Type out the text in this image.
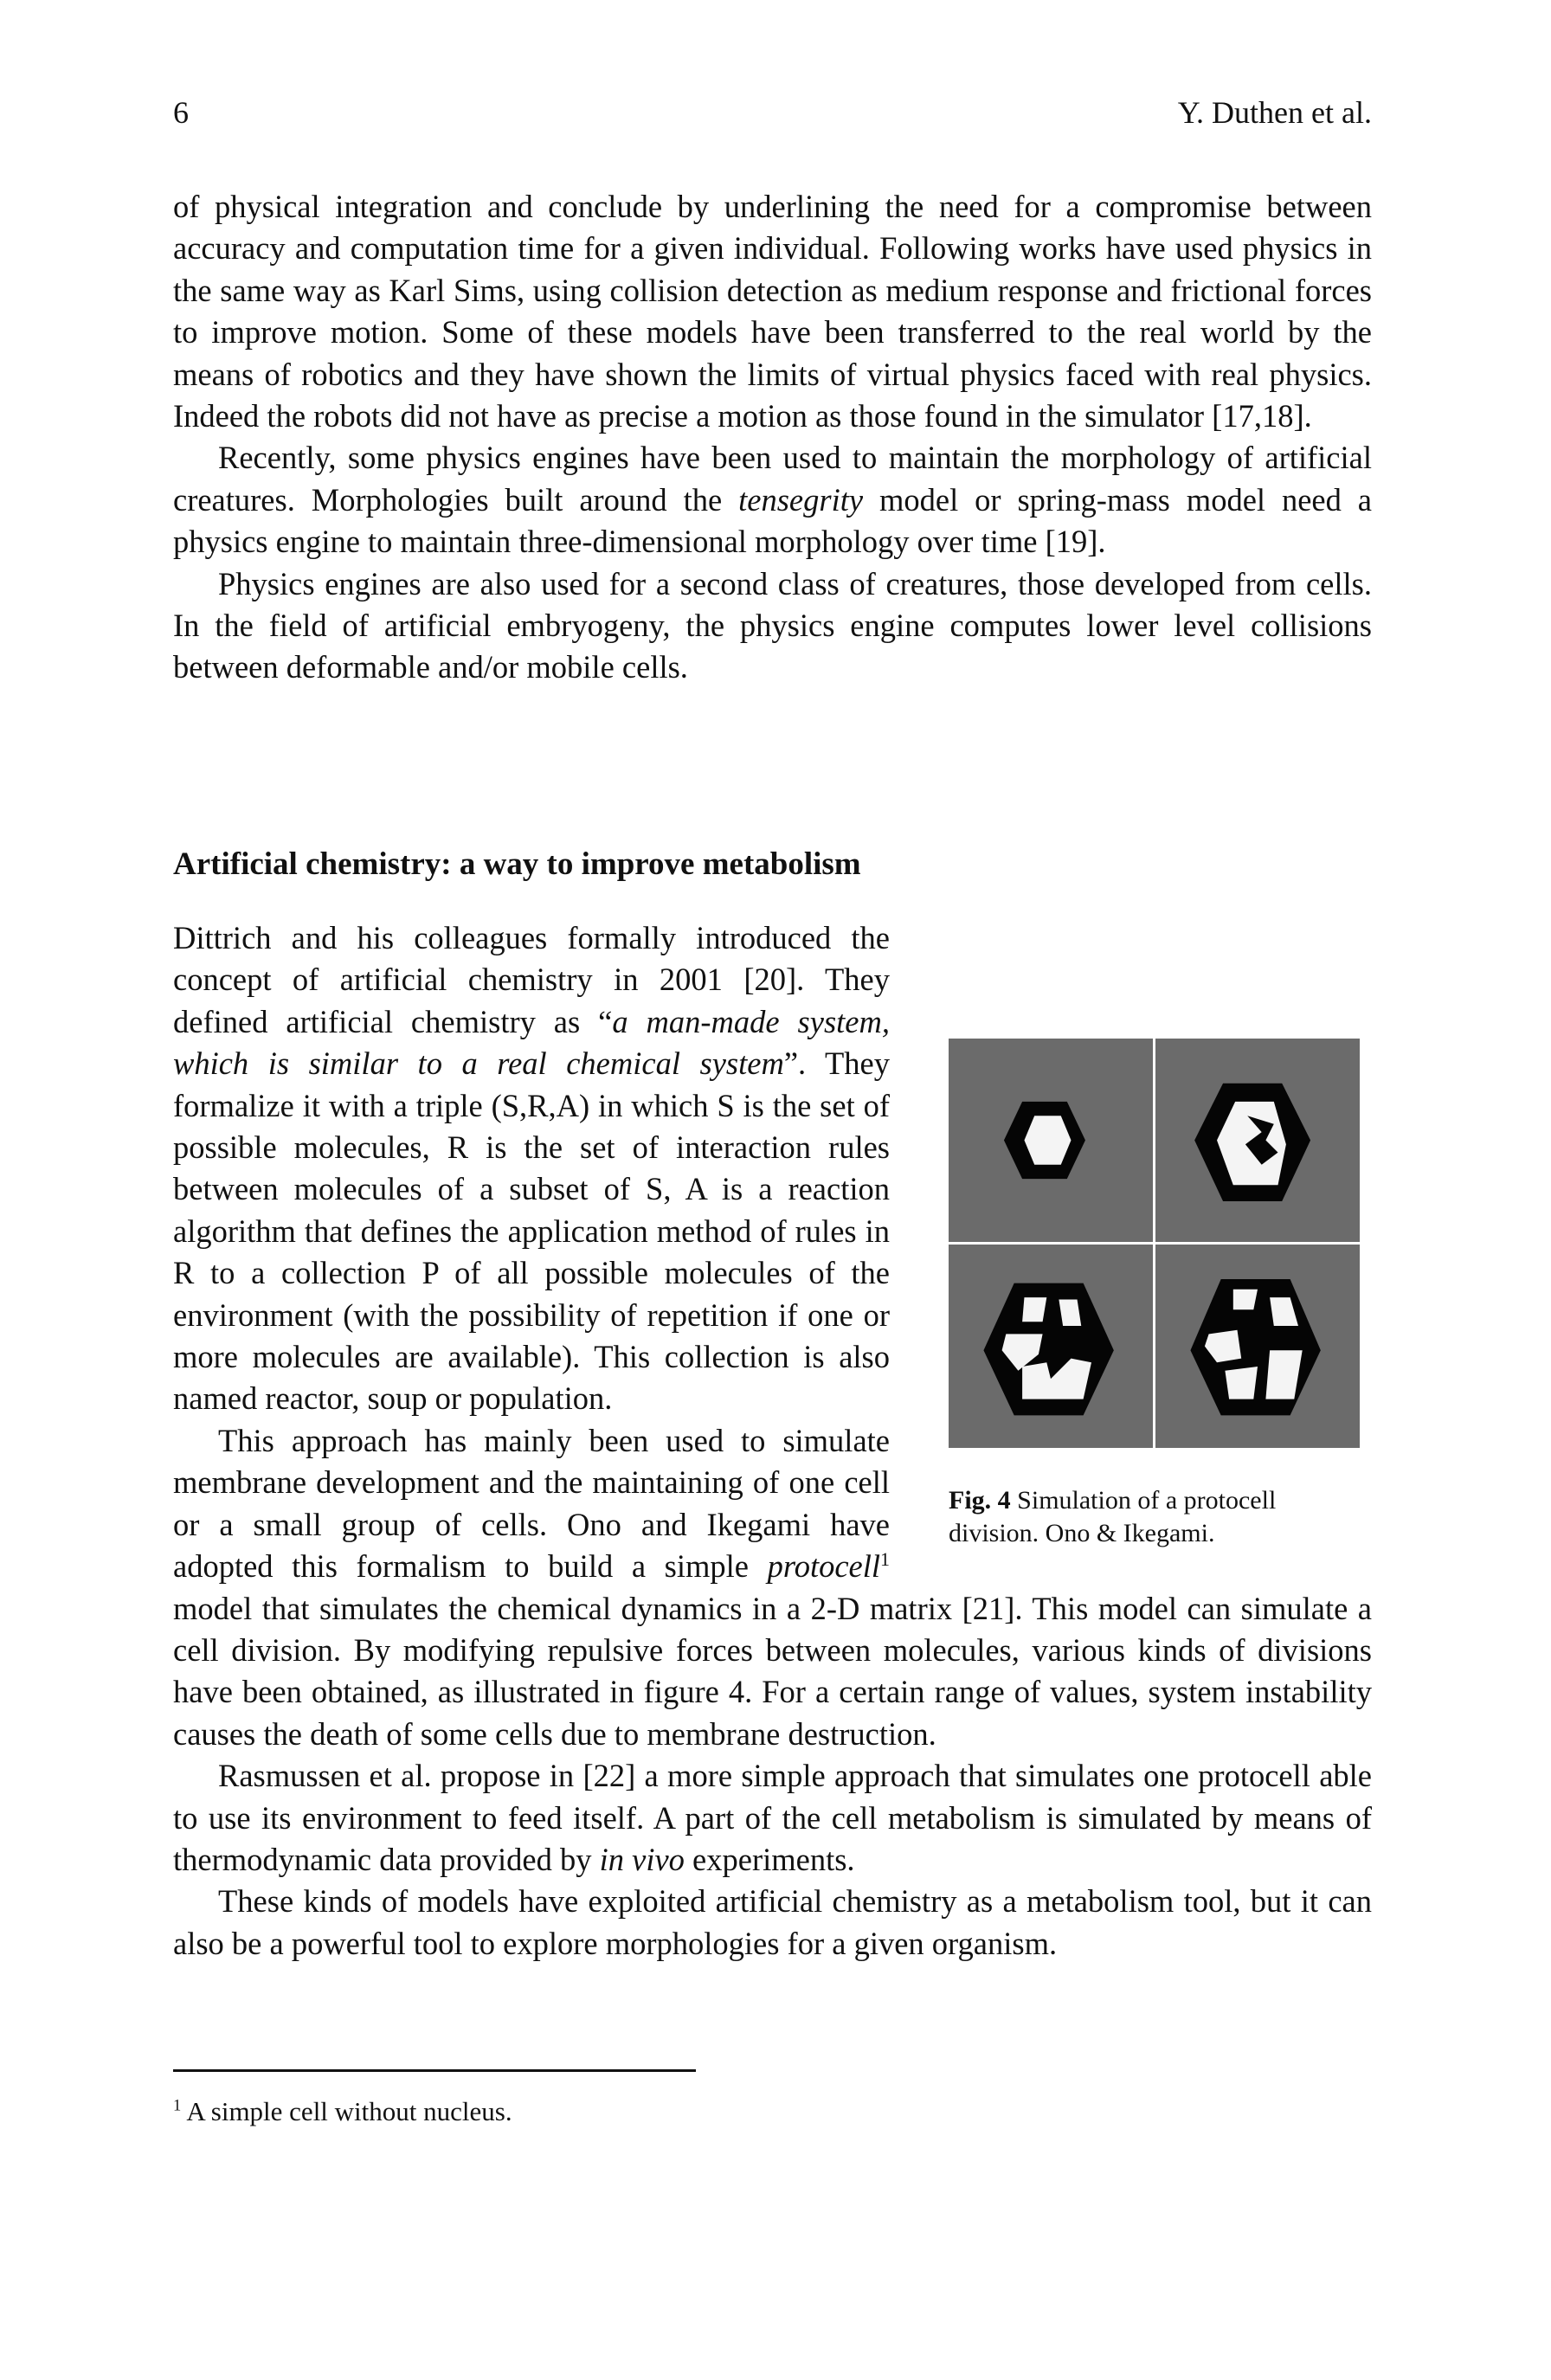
6	Y. Duthen et al.

of physical integration and conclude by underlining the need for a compromise between accuracy and computation time for a given individual. Following works have used physics in the same way as Karl Sims, using collision detection as medium response and frictional forces to improve motion. Some of these models have been transferred to the real world by the means of robotics and they have shown the limits of virtual physics faced with real physics. Indeed the robots did not have as precise a motion as those found in the simulator [17,18].

Recently, some physics engines have been used to maintain the morphology of artificial creatures. Morphologies built around the tensegrity model or spring-mass model need a physics engine to maintain three-dimensional morphology over time [19].

Physics engines are also used for a second class of creatures, those developed from cells. In the field of artificial embryogeny, the physics engine computes lower level collisions between deformable and/or mobile cells.

Artificial chemistry: a way to improve metabolism
Fig. 4 Simulation of a protocell division. Ono & Ikegami.

Dittrich and his colleagues formally introduced the concept of artificial chemistry in 2001 [20]. They defined artificial chemistry as “a man-made system, which is similar to a real chemical system”. They formalize it with a triple (S,R,A) in which S is the set of possible molecules, R is the set of interaction rules between molecules of a subset of S, A is a reaction algorithm that defines the application method of rules in R to a collection P of all possible molecules of the environment (with the possibility of repetition if one or more molecules are available). This collection is also named reactor, soup or population.

This approach has mainly been used to simulate membrane development and the maintaining of one cell or a small group of cells. Ono and Ikegami have adopted this formalism to build a simple protocell$^1$ model that simulates the chemical dynamics in a 2-D matrix [21]. This model can simulate a cell division. By modifying repulsive forces between molecules, various kinds of divisions have been obtained, as illustrated in figure 4. For a certain range of values, system instability causes the death of some cells due to membrane destruction.

Rasmussen et al. propose in [22] a more simple approach that simulates one protocell able to use its environment to feed itself. A part of the cell metabolism is simulated by means of thermodynamic data provided by in vivo experiments.

These kinds of models have exploited artificial chemistry as a metabolism tool, but it can also be a powerful tool to explore morphologies for a given organism.

$^1$ A simple cell without nucleus.
